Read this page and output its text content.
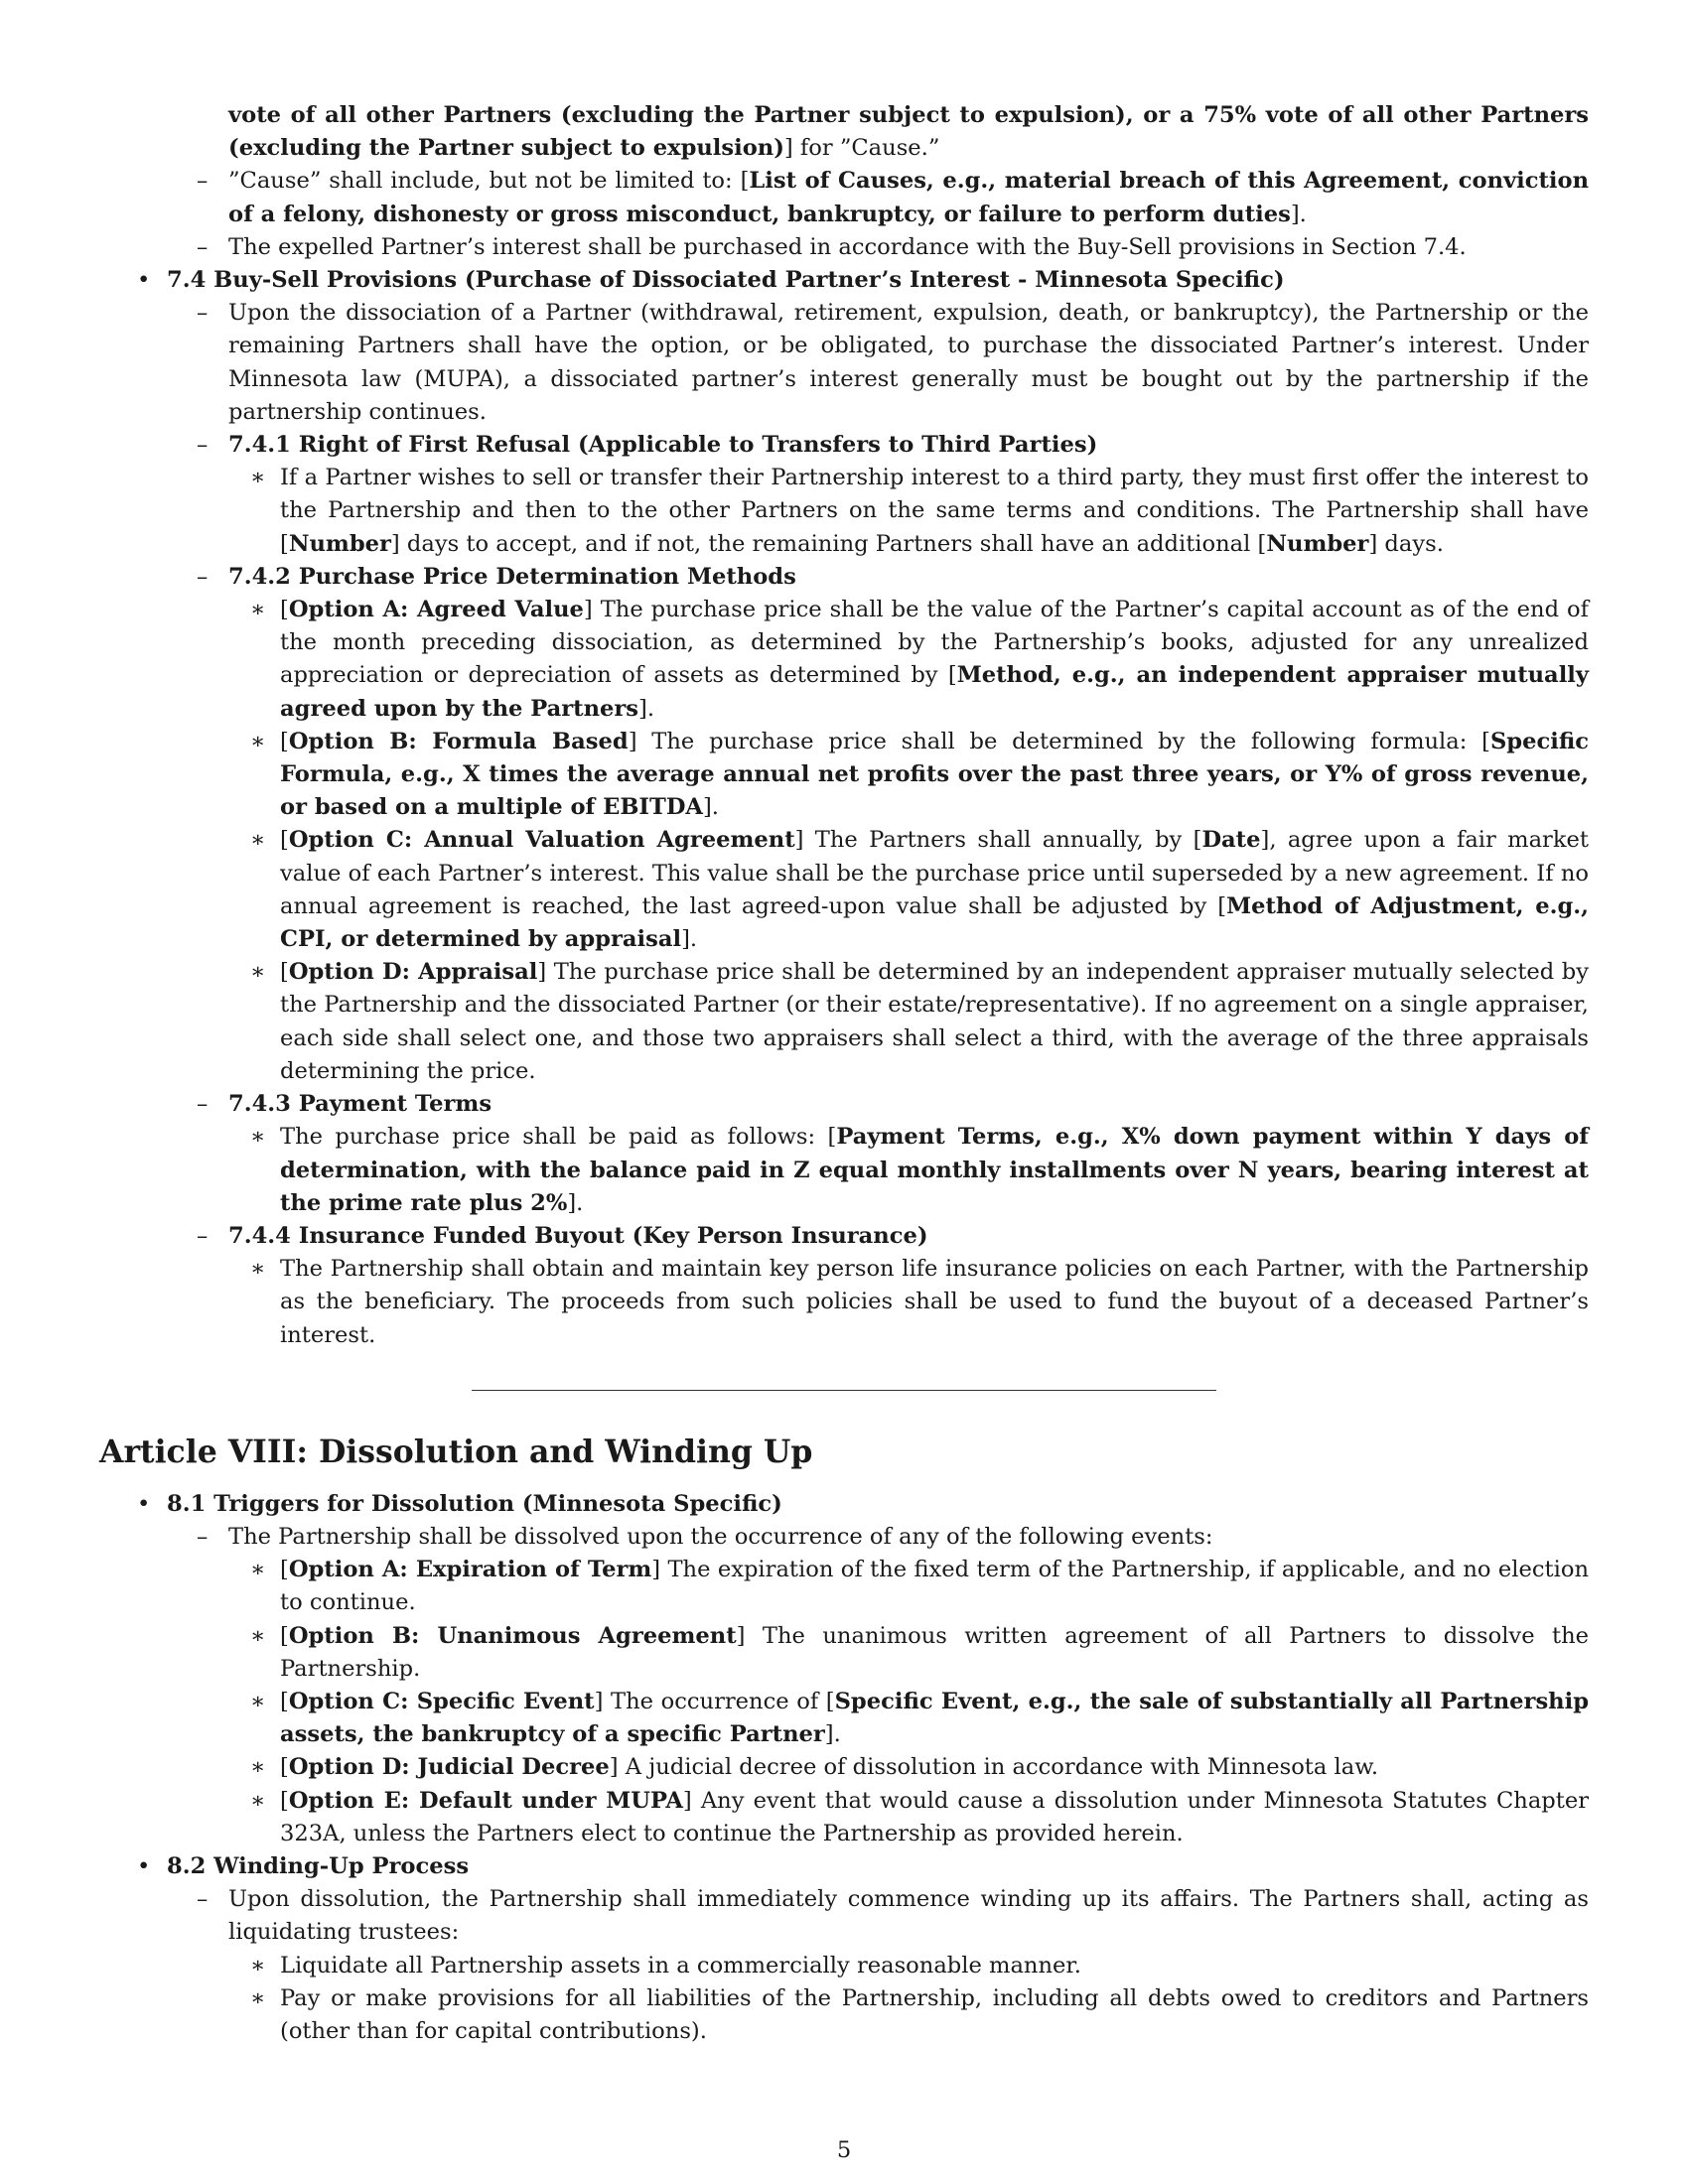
vote of all other Partners (excluding the Partner subject to expulsion), or a 75% vote of all other Partners (excluding the Partner subject to expulsion)] for ”Cause.”
– ”Cause” shall include, but not be limited to: [List of Causes, e.g., material breach of this Agreement, conviction of a felony, dishonesty or gross misconduct, bankruptcy, or failure to perform duties].
– The expelled Partner’s interest shall be purchased in accordance with the Buy-Sell provisions in Section 7.4.
• 7.4 Buy-Sell Provisions (Purchase of Dissociated Partner’s Interest - Minnesota Specific)
– Upon the dissociation of a Partner (withdrawal, retirement, expulsion, death, or bankruptcy), the Partnership or the remaining Partners shall have the option, or be obligated, to purchase the dissociated Partner’s interest. Under Minnesota law (MUPA), a dissociated partner’s interest generally must be bought out by the partnership if the partnership continues.
– 7.4.1 Right of First Refusal (Applicable to Transfers to Third Parties)
∗ If a Partner wishes to sell or transfer their Partnership interest to a third party, they must first offer the interest to the Partnership and then to the other Partners on the same terms and conditions. The Partnership shall have [Number] days to accept, and if not, the remaining Partners shall have an additional [Number] days.
– 7.4.2 Purchase Price Determination Methods
∗ [Option A: Agreed Value] The purchase price shall be the value of the Partner’s capital account as of the end of the month preceding dissociation, as determined by the Partnership’s books, adjusted for any unrealized appreciation or depreciation of assets as determined by [Method, e.g., an independent appraiser mutually agreed upon by the Partners].
∗ [Option B: Formula Based] The purchase price shall be determined by the following formula: [Specific Formula, e.g., X times the average annual net profits over the past three years, or Y% of gross revenue, or based on a multiple of EBITDA].
∗ [Option C: Annual Valuation Agreement] The Partners shall annually, by [Date], agree upon a fair market value of each Partner’s interest. This value shall be the purchase price until superseded by a new agreement. If no annual agreement is reached, the last agreed-upon value shall be adjusted by [Method of Adjustment, e.g., CPI, or determined by appraisal].
∗ [Option D: Appraisal] The purchase price shall be determined by an independent appraiser mutually selected by the Partnership and the dissociated Partner (or their estate/representative). If no agreement on a single appraiser, each side shall select one, and those two appraisers shall select a third, with the average of the three appraisals determining the price.
– 7.4.3 Payment Terms
∗ The purchase price shall be paid as follows: [Payment Terms, e.g., X% down payment within Y days of determination, with the balance paid in Z equal monthly installments over N years, bearing interest at the prime rate plus 2%].
– 7.4.4 Insurance Funded Buyout (Key Person Insurance)
∗ The Partnership shall obtain and maintain key person life insurance policies on each Partner, with the Partnership as the beneficiary. The proceeds from such policies shall be used to fund the buyout of a deceased Partner’s interest.
Article VIII: Dissolution and Winding Up
• 8.1 Triggers for Dissolution (Minnesota Specific)
– The Partnership shall be dissolved upon the occurrence of any of the following events:
∗ [Option A: Expiration of Term] The expiration of the fixed term of the Partnership, if applicable, and no election to continue.
∗ [Option B: Unanimous Agreement] The unanimous written agreement of all Partners to dissolve the Partnership.
∗ [Option C: Specific Event] The occurrence of [Specific Event, e.g., the sale of substantially all Partnership assets, the bankruptcy of a specific Partner].
∗ [Option D: Judicial Decree] A judicial decree of dissolution in accordance with Minnesota law.
∗ [Option E: Default under MUPA] Any event that would cause a dissolution under Minnesota Statutes Chapter 323A, unless the Partners elect to continue the Partnership as provided herein.
• 8.2 Winding-Up Process
– Upon dissolution, the Partnership shall immediately commence winding up its affairs. The Partners shall, acting as liquidating trustees:
∗ Liquidate all Partnership assets in a commercially reasonable manner.
∗ Pay or make provisions for all liabilities of the Partnership, including all debts owed to creditors and Partners (other than for capital contributions).
5
